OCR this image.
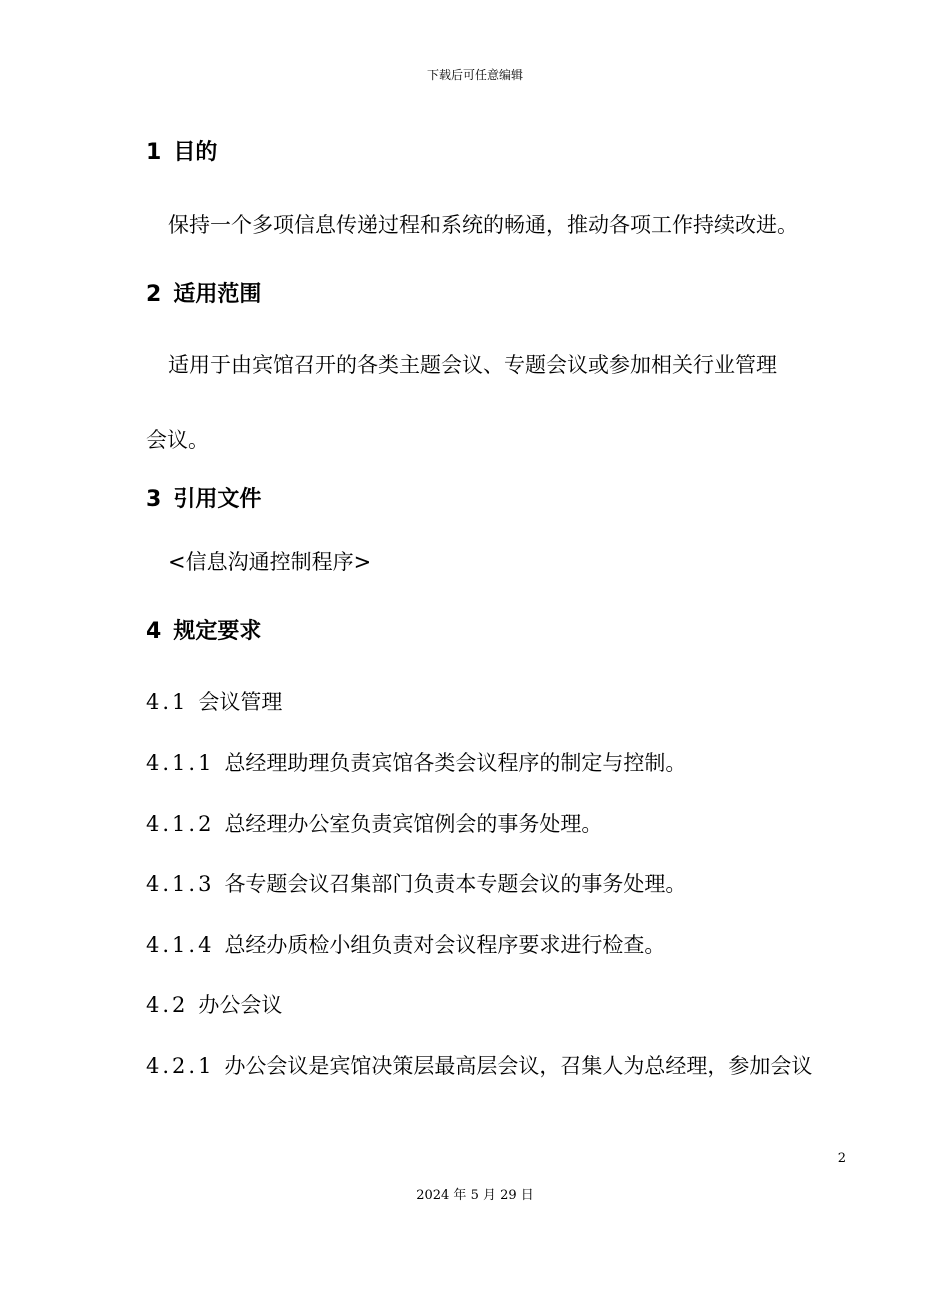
下载后可任意编辑
1 目的
保持一个多项信息传递过程和系统的畅通，推动各项工作持续改进。
2 适用范围
适用于由宾馆召开的各类主题会议、专题会议或参加相关行业管理
会议。
3 引用文件
<信息沟通控制程序>
4 规定要求
4.1 会议管理
4.1.1 总经理助理负责宾馆各类会议程序的制定与控制。
4.1.2 总经理办公室负责宾馆例会的事务处理。
4.1.3 各专题会议召集部门负责本专题会议的事务处理。
4.1.4 总经办质检小组负责对会议程序要求进行检查。
4.2 办公会议
4.2.1 办公会议是宾馆决策层最高层会议，召集人为总经理，参加会议
2
2024 年 5 月 29 日
